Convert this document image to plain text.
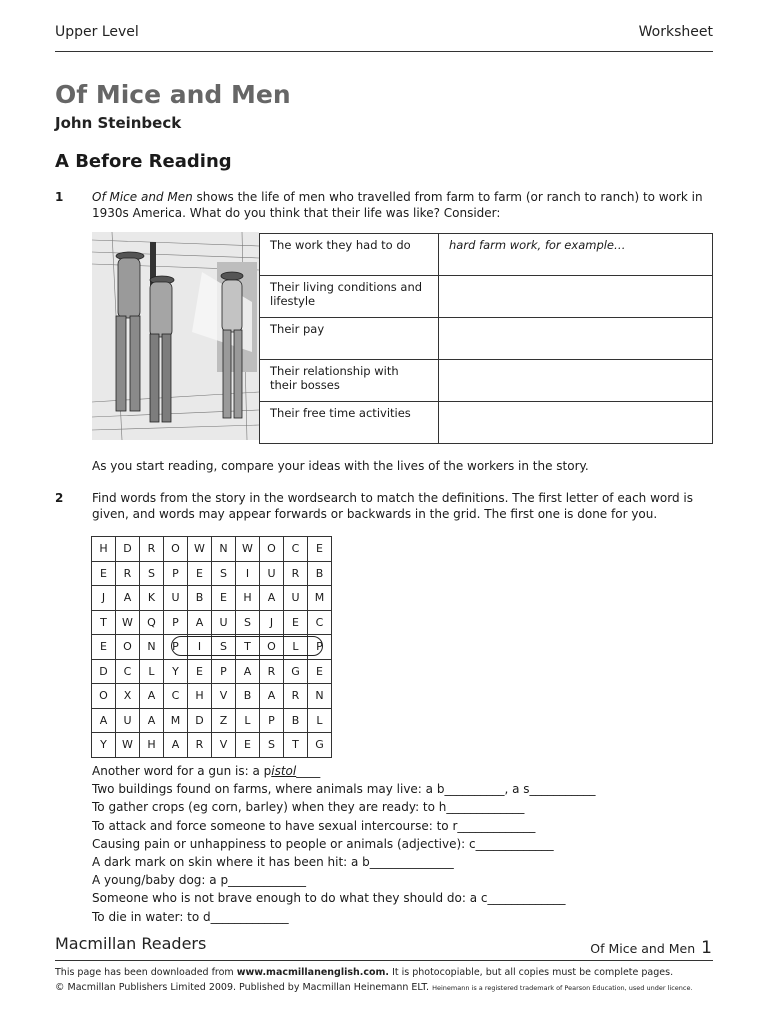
Upper Level	Worksheet
Of Mice and Men
John Steinbeck
A Before Reading
1 Of Mice and Men shows the life of men who travelled from farm to farm (or ranch to ranch) to work in
1930s America. What do you think that their life was like? Consider:
The work they had to do	hard farm work, for example…
Their living conditions and lifestyle	
Their pay	
Their relationship with their bosses	
Their free time activities	
As you start reading, compare your ideas with the lives of the workers in the story.
2 Find words from the story in the wordsearch to match the definitions. The first letter of each word is
given, and words may appear forwards or backwards in the grid. The first one is done for you.
H	D	R	O	W	N	W	O	C	E
E	R	S	P	E	S	I	U	R	B
J	A	K	U	B	E	H	A	U	M
T	W	Q	P	A	U	S	J	E	C
E	O	N	P	I	S	T	O	L	P
D	C	L	Y	E	P	A	R	G	E
O	X	A	C	H	V	B	A	R	N
A	U	A	M	D	Z	L	P	B	L
Y	W	H	A	R	V	E	S	T	G
Another word for a gun is: a pistol____
Two buildings found on farms, where animals may live: a b__________, a s___________
To gather crops (eg corn, barley) when they are ready: to h_____________
To attack and force someone to have sexual intercourse: to r_____________
Causing pain or unhappiness to people or animals (adjective): c_____________
A dark mark on skin where it has been hit: a b______________
A young/baby dog: a p_____________
Someone who is not brave enough to do what they should do: a c_____________
To die in water: to d_____________
Macmillan Readers	Of Mice and Men 1
This page has been downloaded from www.macmillanenglish.com. It is photocopiable, but all copies must be complete pages.
© Macmillan Publishers Limited 2009. Published by Macmillan Heinemann ELT. Heinemann is a registered trademark of Pearson Education, used under licence.
